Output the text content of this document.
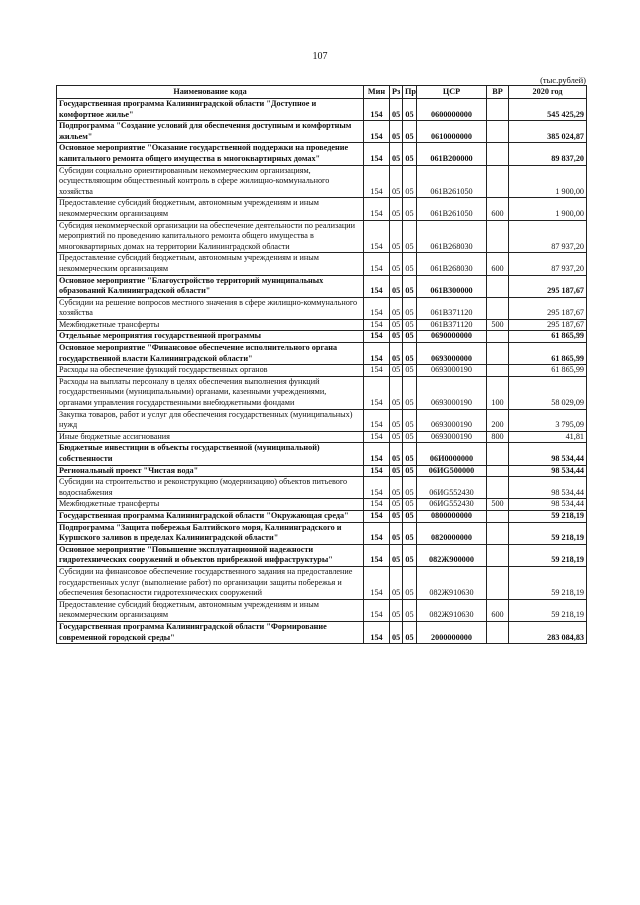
107
(тыс.рублей)
Наименование кода	Мин	Рз	Пр	ЦСР	ВР	2020 год
Государственная программа Калининградской области "Доступное и комфортное жилье"	154	05	05	0600000000		545 425,29
Подпрограмма "Создание условий для обеспечения доступным и комфортным жильем"	154	05	05	0610000000		385 024,87
Основное мероприятие "Оказание государственной поддержки на проведение капитального ремонта общего имущества в многоквартирных домах"	154	05	05	061В200000		89 837,20
Субсидии социально ориентированным некоммерческим организациям, осуществляющим общественный контроль в сфере жилищно-коммунального хозяйства	154	05	05	061В261050		1 900,00
Предоставление субсидий бюджетным, автономным учреждениям и иным некоммерческим организациям	154	05	05	061В261050	600	1 900,00
Субсидия некоммерческой организации на обеспечение деятельности по реализации мероприятий по проведению капитального ремонта общего имущества в многоквартирных домах на территории Калининградской области	154	05	05	061В268030		87 937,20
Предоставление субсидий бюджетным, автономным учреждениям и иным некоммерческим организациям	154	05	05	061В268030	600	87 937,20
Основное мероприятие "Благоустройство территорий муниципальных образований Калининградской области"	154	05	05	061В300000		295 187,67
Субсидии на решение вопросов местного значения в сфере жилищно-коммунального хозяйства	154	05	05	061В371120		295 187,67
Межбюджетные трансферты	154	05	05	061В371120	500	295 187,67
Отдельные мероприятия государственной программы	154	05	05	0690000000		61 865,99
Основное мероприятие "Финансовое обеспечение исполнительного органа государственной власти Калининградской области"	154	05	05	0693000000		61 865,99
Расходы на обеспечение функций государственных органов	154	05	05	0693000190		61 865,99
Расходы на выплаты персоналу в целях обеспечения выполнения функций государственными (муниципальными) органами, казенными учреждениями, органами управления государственными внебюджетными фондами	154	05	05	0693000190	100	58 029,09
Закупка товаров, работ и услуг для обеспечения государственных (муниципальных) нужд	154	05	05	0693000190	200	3 795,09
Иные бюджетные ассигнования	154	05	05	0693000190	800	41,81
Бюджетные инвестиции в объекты государственной (муниципальной) собственности	154	05	05	06И0000000		98 534,44
Региональный проект "Чистая вода"	154	05	05	06ИG500000		98 534,44
Субсидии на строительство и реконструкцию (модернизацию) объектов питьевого водоснабжения	154	05	05	06ИG552430		98 534,44
Межбюджетные трансферты	154	05	05	06ИG552430	500	98 534,44
Государственная программа Калининградской области "Окружающая среда"	154	05	05	0800000000		59 218,19
Подпрограмма "Защита побережья Балтийского моря, Калининградского и Куршского заливов в пределах Калининградской области"	154	05	05	0820000000		59 218,19
Основное мероприятие "Повышение эксплуатационной надежности гидротехнических сооружений и объектов прибрежной инфраструктуры"	154	05	05	082Ж900000		59 218,19
Субсидии на финансовое обеспечение государственного задания на предоставление государственных услуг (выполнение работ) по организации защиты побережья и обеспечения безопасности гидротехнических сооружений	154	05	05	082Ж910630		59 218,19
Предоставление субсидий бюджетным, автономным учреждениям и иным некоммерческим организациям	154	05	05	082Ж910630	600	59 218,19
Государственная программа Калининградской области "Формирование современной городской среды"	154	05	05	2000000000		283 084,83
